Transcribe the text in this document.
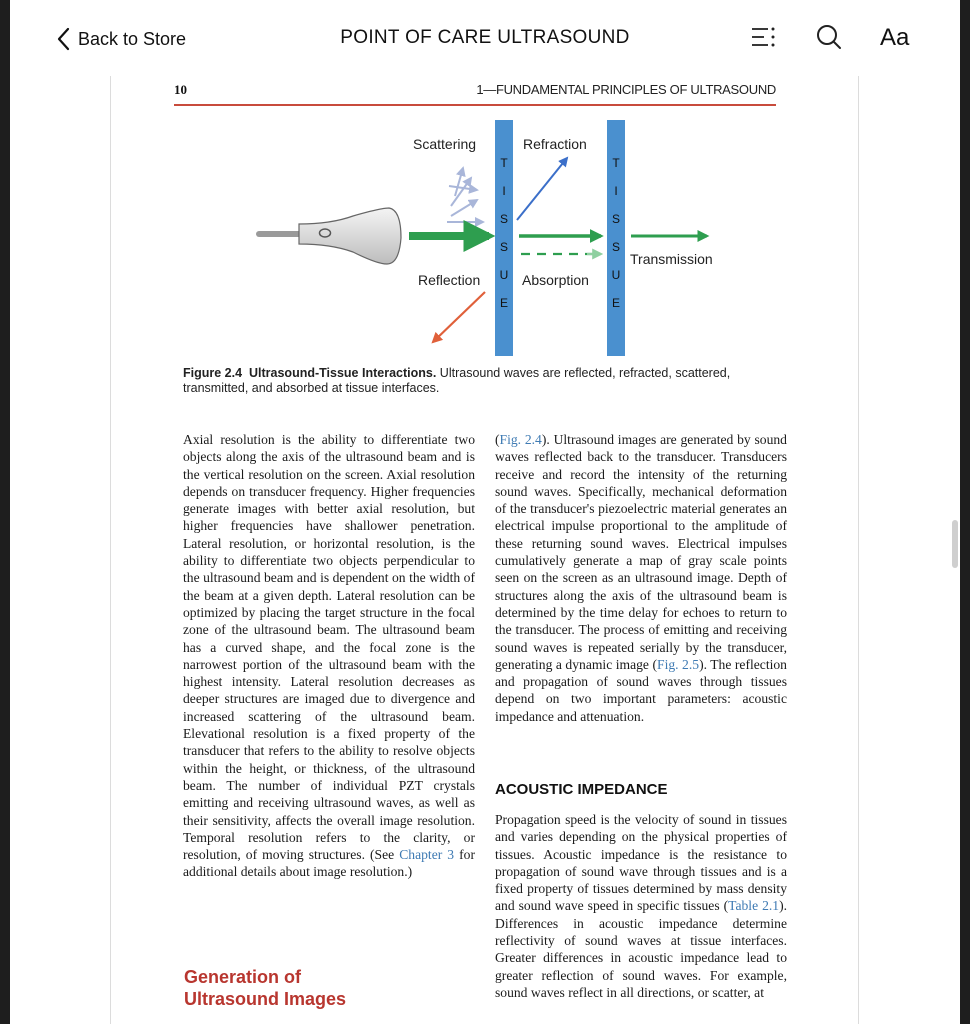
Back to Store	POINT OF CARE ULTRASOUND	Aa
10	1—FUNDAMENTAL PRINCIPLES OF ULTRASOUND
T
I
S
S
U
E
T
I
S
S
U
E
Scattering	Refraction
Reflection	Absorption
Transmission
Figure 2.4 Ultrasound-Tissue Interactions. Ultrasound waves are reflected, refracted, scattered, transmitted, and absorbed at tissue interfaces.

Axial resolution is the ability to differentiate two objects along the axis of the ultrasound beam and is the vertical resolution on the screen. Axial resolution depends on transducer frequency. Higher frequencies generate images with better axial resolution, but higher frequencies have shallower penetration. Lateral resolution, or horizontal resolution, is the ability to differentiate two objects perpendicular to the ultrasound beam and is dependent on the width of the beam at a given depth. Lateral resolution can be optimized by placing the target structure in the focal zone of the ultrasound beam. The ultrasound beam has a curved shape, and the focal zone is the narrowest portion of the ultrasound beam with the highest intensity. Lateral resolution decreases as deeper structures are imaged due to divergence and increased scattering of the ultrasound beam. Elevational resolution is a fixed property of the transducer that refers to the ability to resolve objects within the height, or thickness, of the ultrasound beam. The number of individual PZT crystals emitting and receiving ultrasound waves, as well as their sensitivity, affects the overall image resolution. Temporal resolution refers to the clarity, or resolution, of moving structures. (See Chapter 3 for additional details about image resolution.)

(Fig. 2.4). Ultrasound images are generated by sound waves reflected back to the transducer. Transducers receive and record the intensity of the returning sound waves. Specifically, mechanical deformation of the transducer's piezoelectric material generates an electrical impulse proportional to the amplitude of these returning sound waves. Electrical impulses cumulatively generate a map of gray scale points seen on the screen as an ultrasound image. Depth of structures along the axis of the ultrasound beam is determined by the time delay for echoes to return to the transducer. The process of emitting and receiving sound waves is repeated serially by the transducer, generating a dynamic image (Fig. 2.5). The reflection and propagation of sound waves through tissues depend on two important parameters: acoustic impedance and attenuation.

ACOUSTIC IMPEDANCE

Propagation speed is the velocity of sound in tissues and varies depending on the physical properties of tissues. Acoustic impedance is the resistance to propagation of sound wave through tissues and is a fixed property of tissues determined by mass density and sound wave speed in specific tissues (Table 2.1). Differences in acoustic impedance determine reflectivity of sound waves at tissue interfaces. Greater differences in acoustic impedance lead to greater reflection of sound waves. For example, sound waves reflect in all directions, or scatter, at

Generation of Ultrasound Images
